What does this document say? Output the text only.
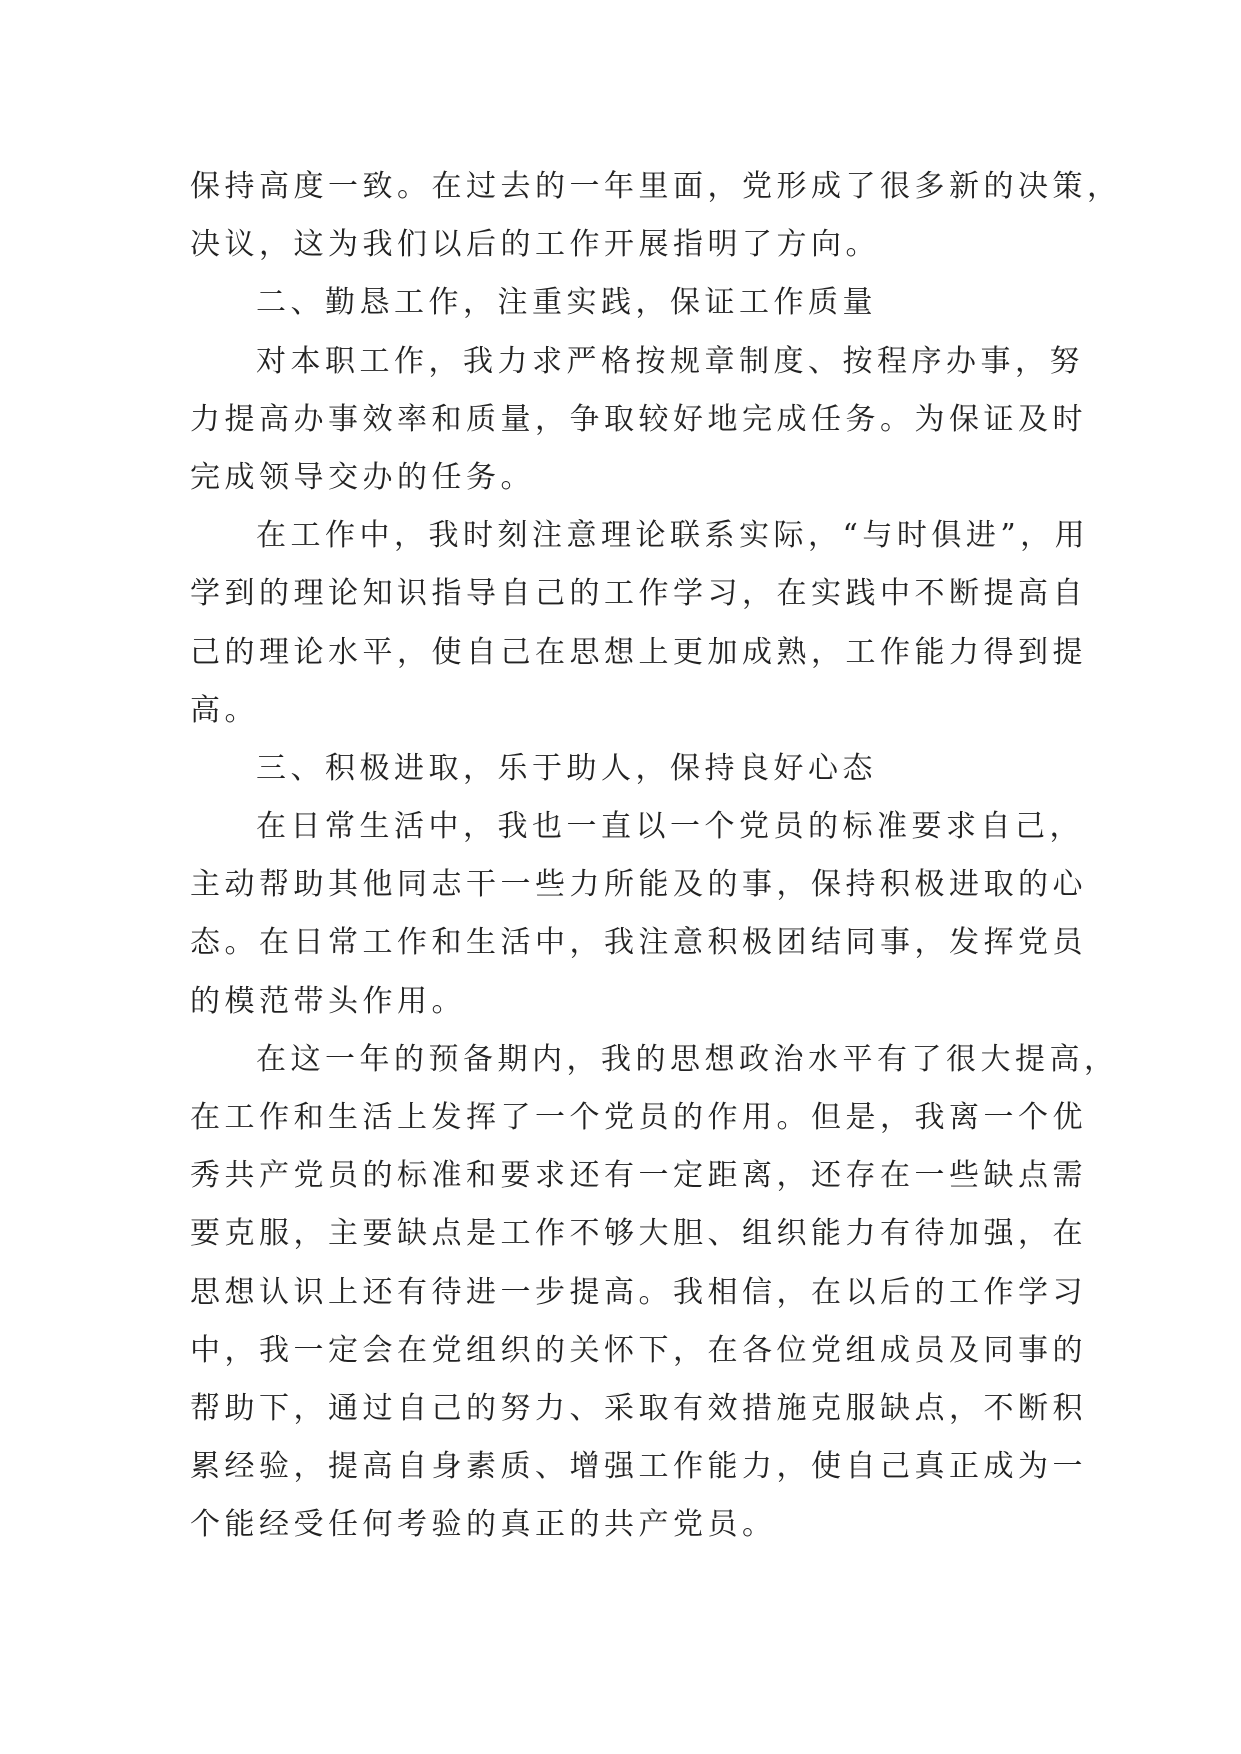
保持高度一致。在过去的一年里面，党形成了很多新的决策，
决议，这为我们以后的工作开展指明了方向。
二、勤恳工作，注重实践，保证工作质量
对本职工作，我力求严格按规章制度、按程序办事，努
力提高办事效率和质量，争取较好地完成任务。为保证及时
完成领导交办的任务。
在工作中，我时刻注意理论联系实际，“与时俱进”，用
学到的理论知识指导自己的工作学习，在实践中不断提高自
己的理论水平，使自己在思想上更加成熟，工作能力得到提
高。
三、积极进取，乐于助人，保持良好心态
在日常生活中，我也一直以一个党员的标准要求自己，
主动帮助其他同志干一些力所能及的事，保持积极进取的心
态。在日常工作和生活中，我注意积极团结同事，发挥党员
的模范带头作用。
在这一年的预备期内，我的思想政治水平有了很大提高，
在工作和生活上发挥了一个党员的作用。但是，我离一个优
秀共产党员的标准和要求还有一定距离，还存在一些缺点需
要克服，主要缺点是工作不够大胆、组织能力有待加强，在
思想认识上还有待进一步提高。我相信，在以后的工作学习
中，我一定会在党组织的关怀下，在各位党组成员及同事的
帮助下，通过自己的努力、采取有效措施克服缺点，不断积
累经验，提高自身素质、增强工作能力，使自己真正成为一
个能经受任何考验的真正的共产党员。
